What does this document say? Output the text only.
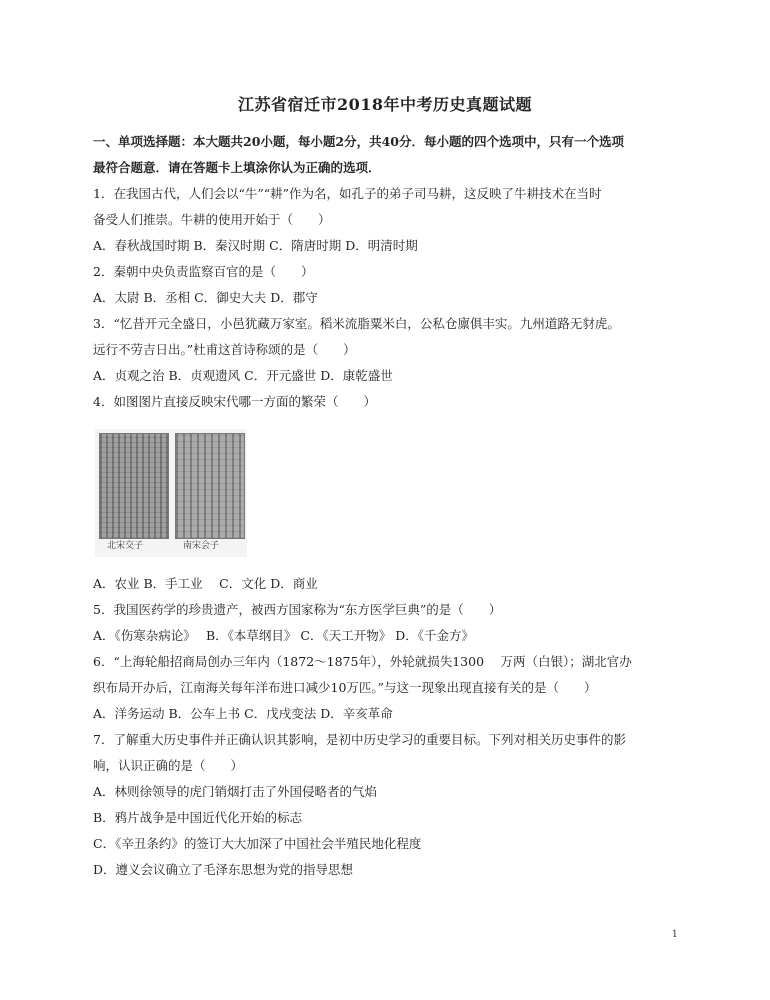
江苏省宿迁市2018年中考历史真题试题
一、单项选择题：本大题共20小题，每小题2分，共40分．每小题的四个选项中，只有一个选项
最符合题意．请在答题卡上填涂你认为正确的选项．
1．在我国古代，人们会以“牛”“耕”作为名，如孔子的弟子司马耕，这反映了牛耕技术在当时
备受人们推崇。牛耕的使用开始于（　　）
A．春秋战国时期 B．秦汉时期 C．隋唐时期 D．明清时期
2．秦朝中央负责监察百官的是（　　）
A．太尉 B．丞相 C．御史大夫 D．郡守
3．“忆昔开元全盛日，小邑犹藏万家室。稻米流脂粟米白，公私仓廪俱丰实。九州道路无豺虎。
远行不劳吉日出。”杜甫这首诗称颂的是（　　）
A．贞观之治 B．贞观遗风 C．开元盛世 D．康乾盛世
4．如图图片直接反映宋代哪一方面的繁荣（　　）
北宋交子	南宋会子
A．农业 B．手工业　 C．文化 D．商业
5．我国医药学的珍贵遗产，被西方国家称为“东方医学巨典”的是（　　）
A．《伤寒杂病论》　 B．《本草纲目》 C．《天工开物》 D．《千金方》
6．“上海轮船招商局创办三年内（1872～1875年），外轮就损失1300　 万两（白银）；湖北官办
织布局开办后，江南海关每年洋布进口减少10万匹。”与这一现象出现直接有关的是（　　）
A．洋务运动 B．公车上书 C．戊戌变法 D．辛亥革命
7．了解重大历史事件并正确认识其影响，是初中历史学习的重要目标。下列对相关历史事件的影
响，认识正确的是（　　）
A．林则徐领导的虎门销烟打击了外国侵略者的气焰
B．鸦片战争是中国近代化开始的标志
C．《辛丑条约》的签订大大加深了中国社会半殖民地化程度
D．遵义会议确立了毛泽东思想为党的指导思想
1
